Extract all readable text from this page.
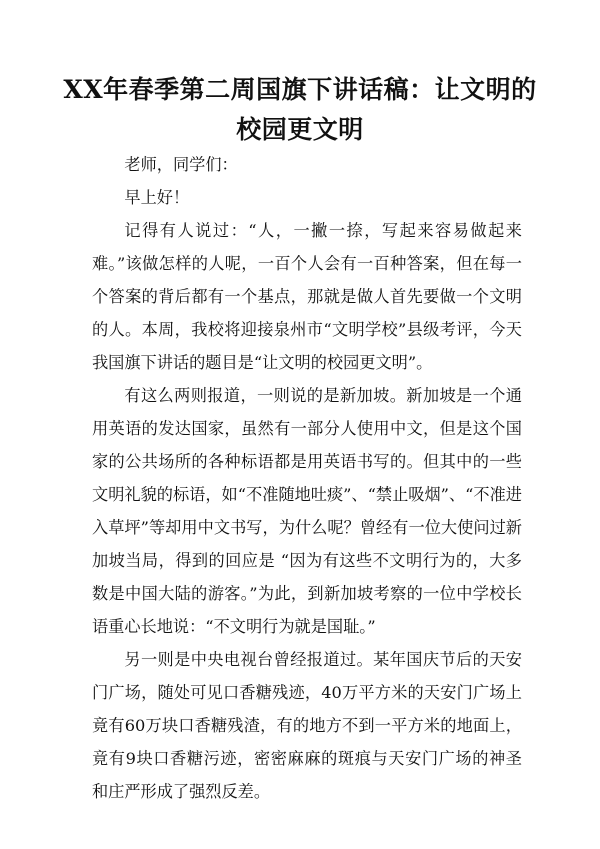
XX年春季第二周国旗下讲话稿：让文明的校园更文明

老师，同学们：

早上好！

记得有人说过：“人，一撇一捺，写起来容易做起来难。”该做怎样的人呢，一百个人会有一百种答案，但在每一个答案的背后都有一个基点，那就是做人首先要做一个文明的人。本周，我校将迎接泉州市“文明学校”县级考评，今天我国旗下讲话的题目是“让文明的校园更文明”。

有这么两则报道，一则说的是新加坡。新加坡是一个通用英语的发达国家，虽然有一部分人使用中文，但是这个国家的公共场所的各种标语都是用英语书写的。但其中的一些文明礼貌的标语，如“不准随地吐痰”、“禁止吸烟”、“不准进入草坪”等却用中文书写，为什么呢？曾经有一位大使问过新加坡当局，得到的回应是 “因为有这些不文明行为的，大多数是中国大陆的游客。”为此，到新加坡考察的一位中学校长语重心长地说：“不文明行为就是国耻。”

另一则是中央电视台曾经报道过。某年国庆节后的天安门广场，随处可见口香糖残迹，40万平方米的天安门广场上竟有60万块口香糖残渣，有的地方不到一平方米的地面上，竟有9块口香糖污迹，密密麻麻的斑痕与天安门广场的神圣和庄严形成了强烈反差。
